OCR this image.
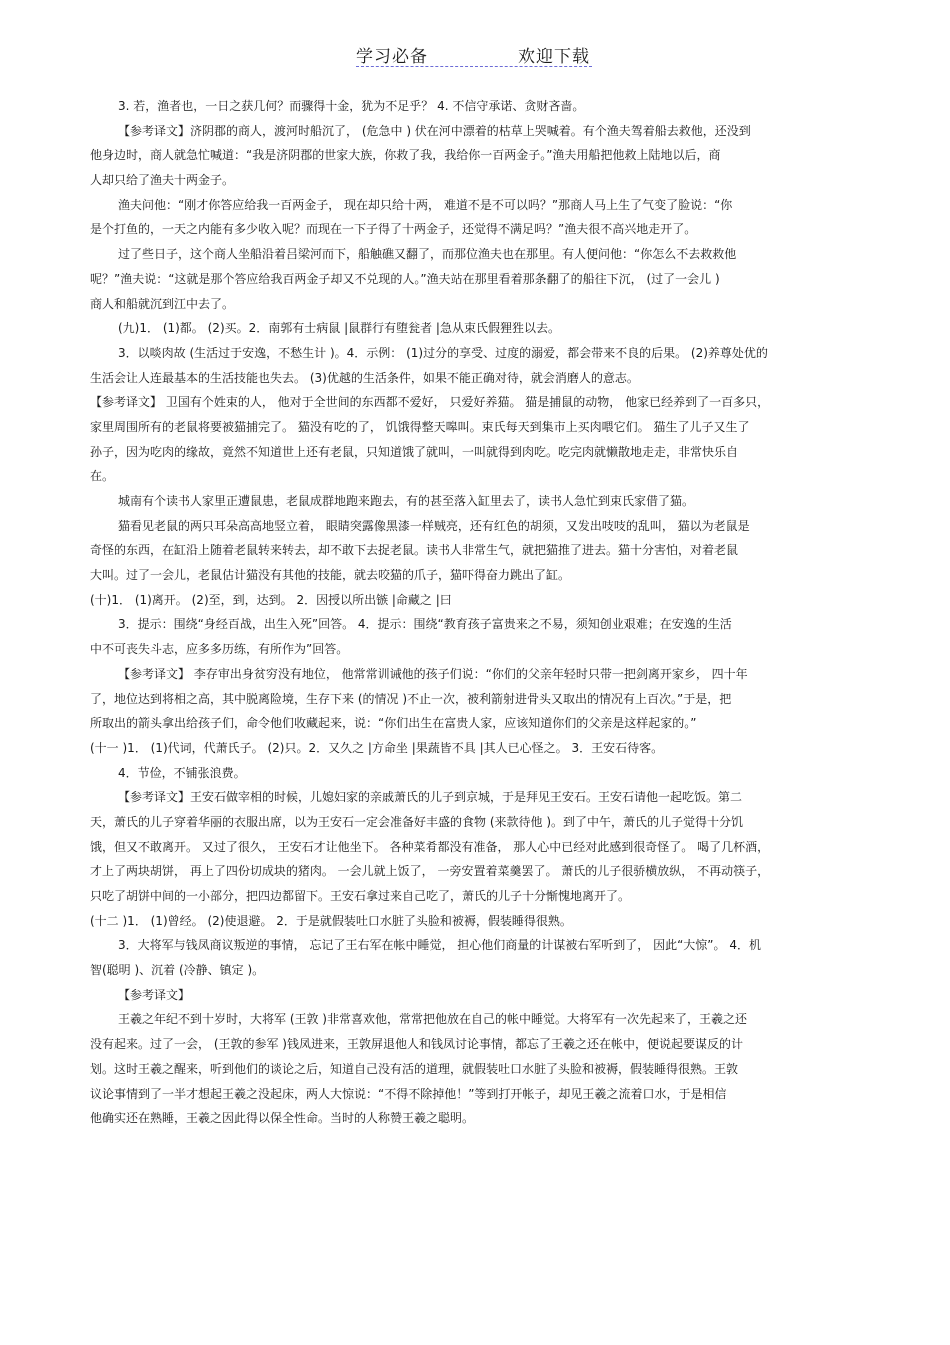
学习必备	欢迎下载
3. 若，渔者也，一日之获几何？而骤得十金，犹为不足乎？ 4. 不信守承诺、贪财吝啬。
【参考译文】济阴郡的商人，渡河时船沉了， (危急中 ) 伏在河中漂着的枯草上哭喊着。有个渔夫驾着船去救他，还没到
他身边时，商人就急忙喊道：“我是济阴郡的世家大族，你救了我，我给你一百两金子。”渔夫用船把他救上陆地以后，商
人却只给了渔夫十两金子。
渔夫问他：“刚才你答应给我一百两金子， 现在却只给十两， 难道不是不可以吗？”那商人马上生了气变了脸说：“你
是个打鱼的，一天之内能有多少收入呢？而现在一下子得了十两金子，还觉得不满足吗？”渔夫很不高兴地走开了。
过了些日子，这个商人坐船沿着吕梁河而下，船触礁又翻了，而那位渔夫也在那里。有人便问他：“你怎么不去救救他
呢？”渔夫说：“这就是那个答应给我百两金子却又不兑现的人。”渔夫站在那里看着那条翻了的船往下沉， (过了一会儿 )
商人和船就沉到江中去了。
(九)1． (1)都。 (2)买。2．南郭有士病鼠 |鼠群行有堕瓮者 |急从束氏假狸狌以去。
3．以啖肉故 (生活过于安逸，不愁生计 )。4．示例： (1)过分的享受、过度的溺爱，都会带来不良的后果。 (2)养尊处优的
生活会让人连最基本的生活技能也失去。 (3)优越的生活条件，如果不能正确对待，就会消磨人的意志。
【参考译文】 卫国有个姓束的人， 他对于全世间的东西都不爱好， 只爱好养猫。 猫是捕鼠的动物， 他家已经养到了一百多只，
家里周围所有的老鼠将要被猫捕完了。 猫没有吃的了， 饥饿得整天嗥叫。束氏每天到集市上买肉喂它们。 猫生了儿子又生了
孙子，因为吃肉的缘故，竟然不知道世上还有老鼠，只知道饿了就叫，一叫就得到肉吃。吃完肉就懒散地走走，非常快乐自
在。
城南有个读书人家里正遭鼠患，老鼠成群地跑来跑去，有的甚至落入缸里去了，读书人急忙到束氏家借了猫。
猫看见老鼠的两只耳朵高高地竖立着， 眼睛突露像黑漆一样贼亮，还有红色的胡须，又发出吱吱的乱叫， 猫以为老鼠是
奇怪的东西，在缸沿上随着老鼠转来转去，却不敢下去捉老鼠。读书人非常生气，就把猫推了进去。猫十分害怕，对着老鼠
大叫。过了一会儿，老鼠估计猫没有其他的技能，就去咬猫的爪子，猫吓得奋力跳出了缸。
(十)1． (1)离开。 (2)至，到，达到。 2．因授以所出镞 |命藏之 |曰
3．提示：围绕“身经百战，出生入死”回答。 4．提示：围绕“教育孩子富贵来之不易，须知创业艰难；在安逸的生活
中不可丧失斗志，应多多历练，有所作为”回答。
【参考译文】 李存审出身贫穷没有地位， 他常常训诫他的孩子们说：“你们的父亲年轻时只带一把剑离开家乡， 四十年
了，地位达到将相之高，其中脱离险境，生存下来 (的情况 )不止一次，被利箭射进骨头又取出的情况有上百次。”于是，把
所取出的箭头拿出给孩子们，命令他们收藏起来，说：“你们出生在富贵人家，应该知道你们的父亲是这样起家的。”
(十一 )1． (1)代词，代萧氏子。 (2)只。2．又久之 |方命坐 |果蔬皆不具 |其人已心怪之。 3．王安石待客。
4．节俭，不铺张浪费。
【参考译文】王安石做宰相的时候，儿媳妇家的亲戚萧氏的儿子到京城，于是拜见王安石。王安石请他一起吃饭。第二
天，萧氏的儿子穿着华丽的衣服出席，以为王安石一定会准备好丰盛的食物 (来款待他 )。到了中午，萧氏的儿子觉得十分饥
饿，但又不敢离开。 又过了很久， 王安石才让他坐下。 各种菜肴都没有准备， 那人心中已经对此感到很奇怪了。 喝了几杯酒，
才上了两块胡饼， 再上了四份切成块的猪肉。 一会儿就上饭了， 一旁安置着菜羹罢了。 萧氏的儿子很骄横放纵， 不再动筷子，
只吃了胡饼中间的一小部分，把四边都留下。王安石拿过来自己吃了，萧氏的儿子十分惭愧地离开了。
(十二 )1． (1)曾经。 (2)使退避。 2．于是就假装吐口水脏了头脸和被褥，假装睡得很熟。
3．大将军与钱凤商议叛逆的事情， 忘记了王右军在帐中睡觉， 担心他们商量的计谋被右军听到了， 因此“大惊”。 4．机
智(聪明 )、沉着 (冷静、镇定 )。
【参考译文】
王羲之年纪不到十岁时，大将军 (王敦 )非常喜欢他，常常把他放在自己的帐中睡觉。大将军有一次先起来了，王羲之还
没有起来。过了一会， (王敦的参军 )钱凤进来，王敦屏退他人和钱凤讨论事情，都忘了王羲之还在帐中，便说起要谋反的计
划。这时王羲之醒来，听到他们的谈论之后，知道自己没有活的道理，就假装吐口水脏了头脸和被褥，假装睡得很熟。王敦
议论事情到了一半才想起王羲之没起床，两人大惊说：“不得不除掉他！”等到打开帐子，却见王羲之流着口水，于是相信
他确实还在熟睡，王羲之因此得以保全性命。当时的人称赞王羲之聪明。
